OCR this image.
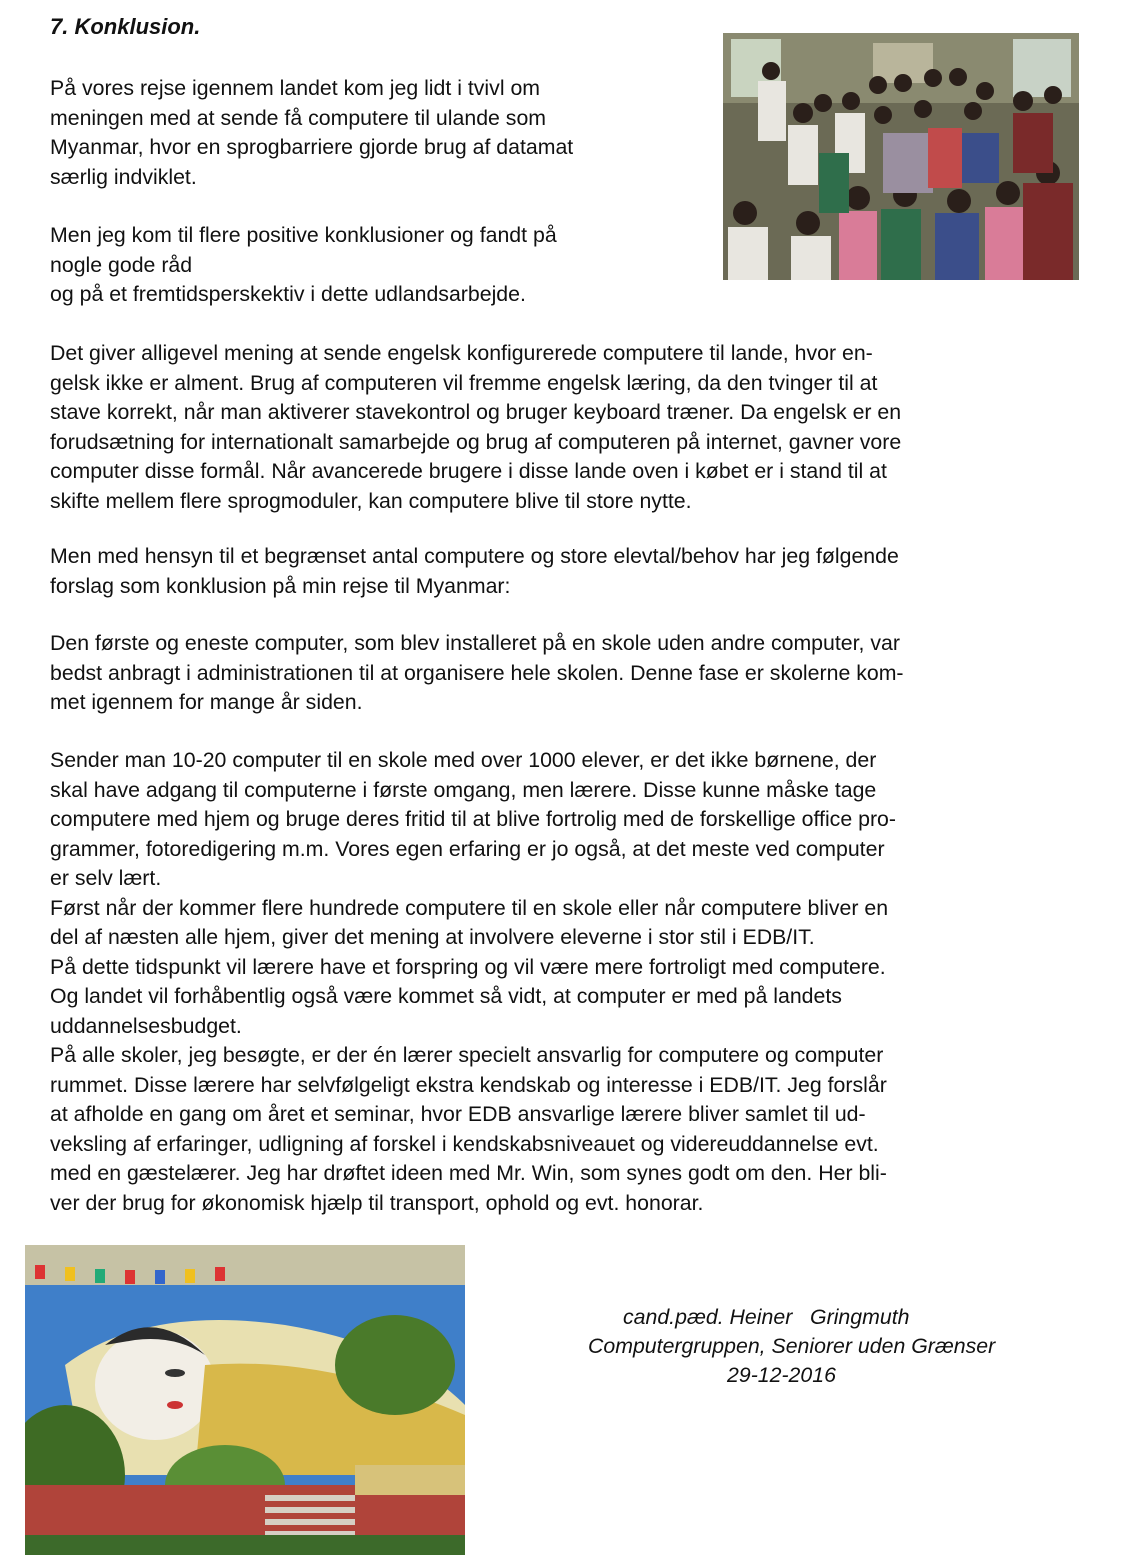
7. Konklusion.

På vores rejse igennem landet kom jeg lidt i tvivl om
meningen med at sende få computere til ulande som
Myanmar, hvor en sprogbarriere gjorde brug af datamat
særlig indviklet.

Men jeg kom til flere positive konklusioner og fandt på
nogle gode råd
og på et fremtidsperskektiv i dette udlandsarbejde.

Det giver alligevel mening at sende engelsk konfigurerede computere til lande, hvor en-
gelsk ikke er alment. Brug af computeren vil fremme engelsk læring, da den tvinger til at
stave korrekt, når man aktiverer stavekontrol og bruger keyboard træner. Da engelsk er en
forudsætning for internationalt samarbejde og brug af computeren på internet, gavner vore
computer disse formål. Når avancerede brugere i disse lande oven i købet er i stand til at
skifte mellem flere sprogmoduler, kan computere blive til store nytte.

Men med hensyn til et begrænset antal computere og store elevtal/behov har jeg følgende
forslag som konklusion på min rejse til Myanmar:

Den første og eneste computer, som blev installeret på en skole uden andre computer, var
bedst anbragt i administrationen til at organisere hele skolen. Denne fase er skolerne kom-
met igennem for mange år siden.

Sender man 10-20 computer til en skole med over 1000 elever, er det ikke børnene, der
skal have adgang til computerne i første omgang, men lærere. Disse kunne måske tage
computere med hjem og bruge deres fritid til at blive fortrolig med de forskellige office pro-
grammer, fotoredigering m.m. Vores egen erfaring er jo også, at det meste ved computer
er selv lært.
Først når der kommer flere hundrede computere til en skole eller når computere bliver en
del af næsten alle hjem, giver det mening at involvere eleverne i stor stil i EDB/IT.
På dette tidspunkt vil lærere have et forspring og vil være mere fortroligt med computere.
Og landet vil forhåbentlig også være kommet så vidt, at computer er med på landets
uddannelsesbudget.
På alle skoler, jeg besøgte, er der én lærer specielt ansvarlig for computere og computer
rummet. Disse lærere har selvfølgeligt ekstra kendskab og interesse i EDB/IT. Jeg forslår
at afholde en gang om året et seminar, hvor EDB ansvarlige lærere bliver samlet til ud-
veksling af erfaringer, udligning af forskel i kendskabsniveauet og videreuddannelse evt.
med en gæstelærer. Jeg har drøftet ideen med Mr. Win, som synes godt om den. Her bli-
ver der brug for økonomisk hjælp til transport, ophold og evt. honorar.

cand.pæd. Heiner   Gringmuth

Computergruppen, Seniorer uden Grænser

29-12-2016
